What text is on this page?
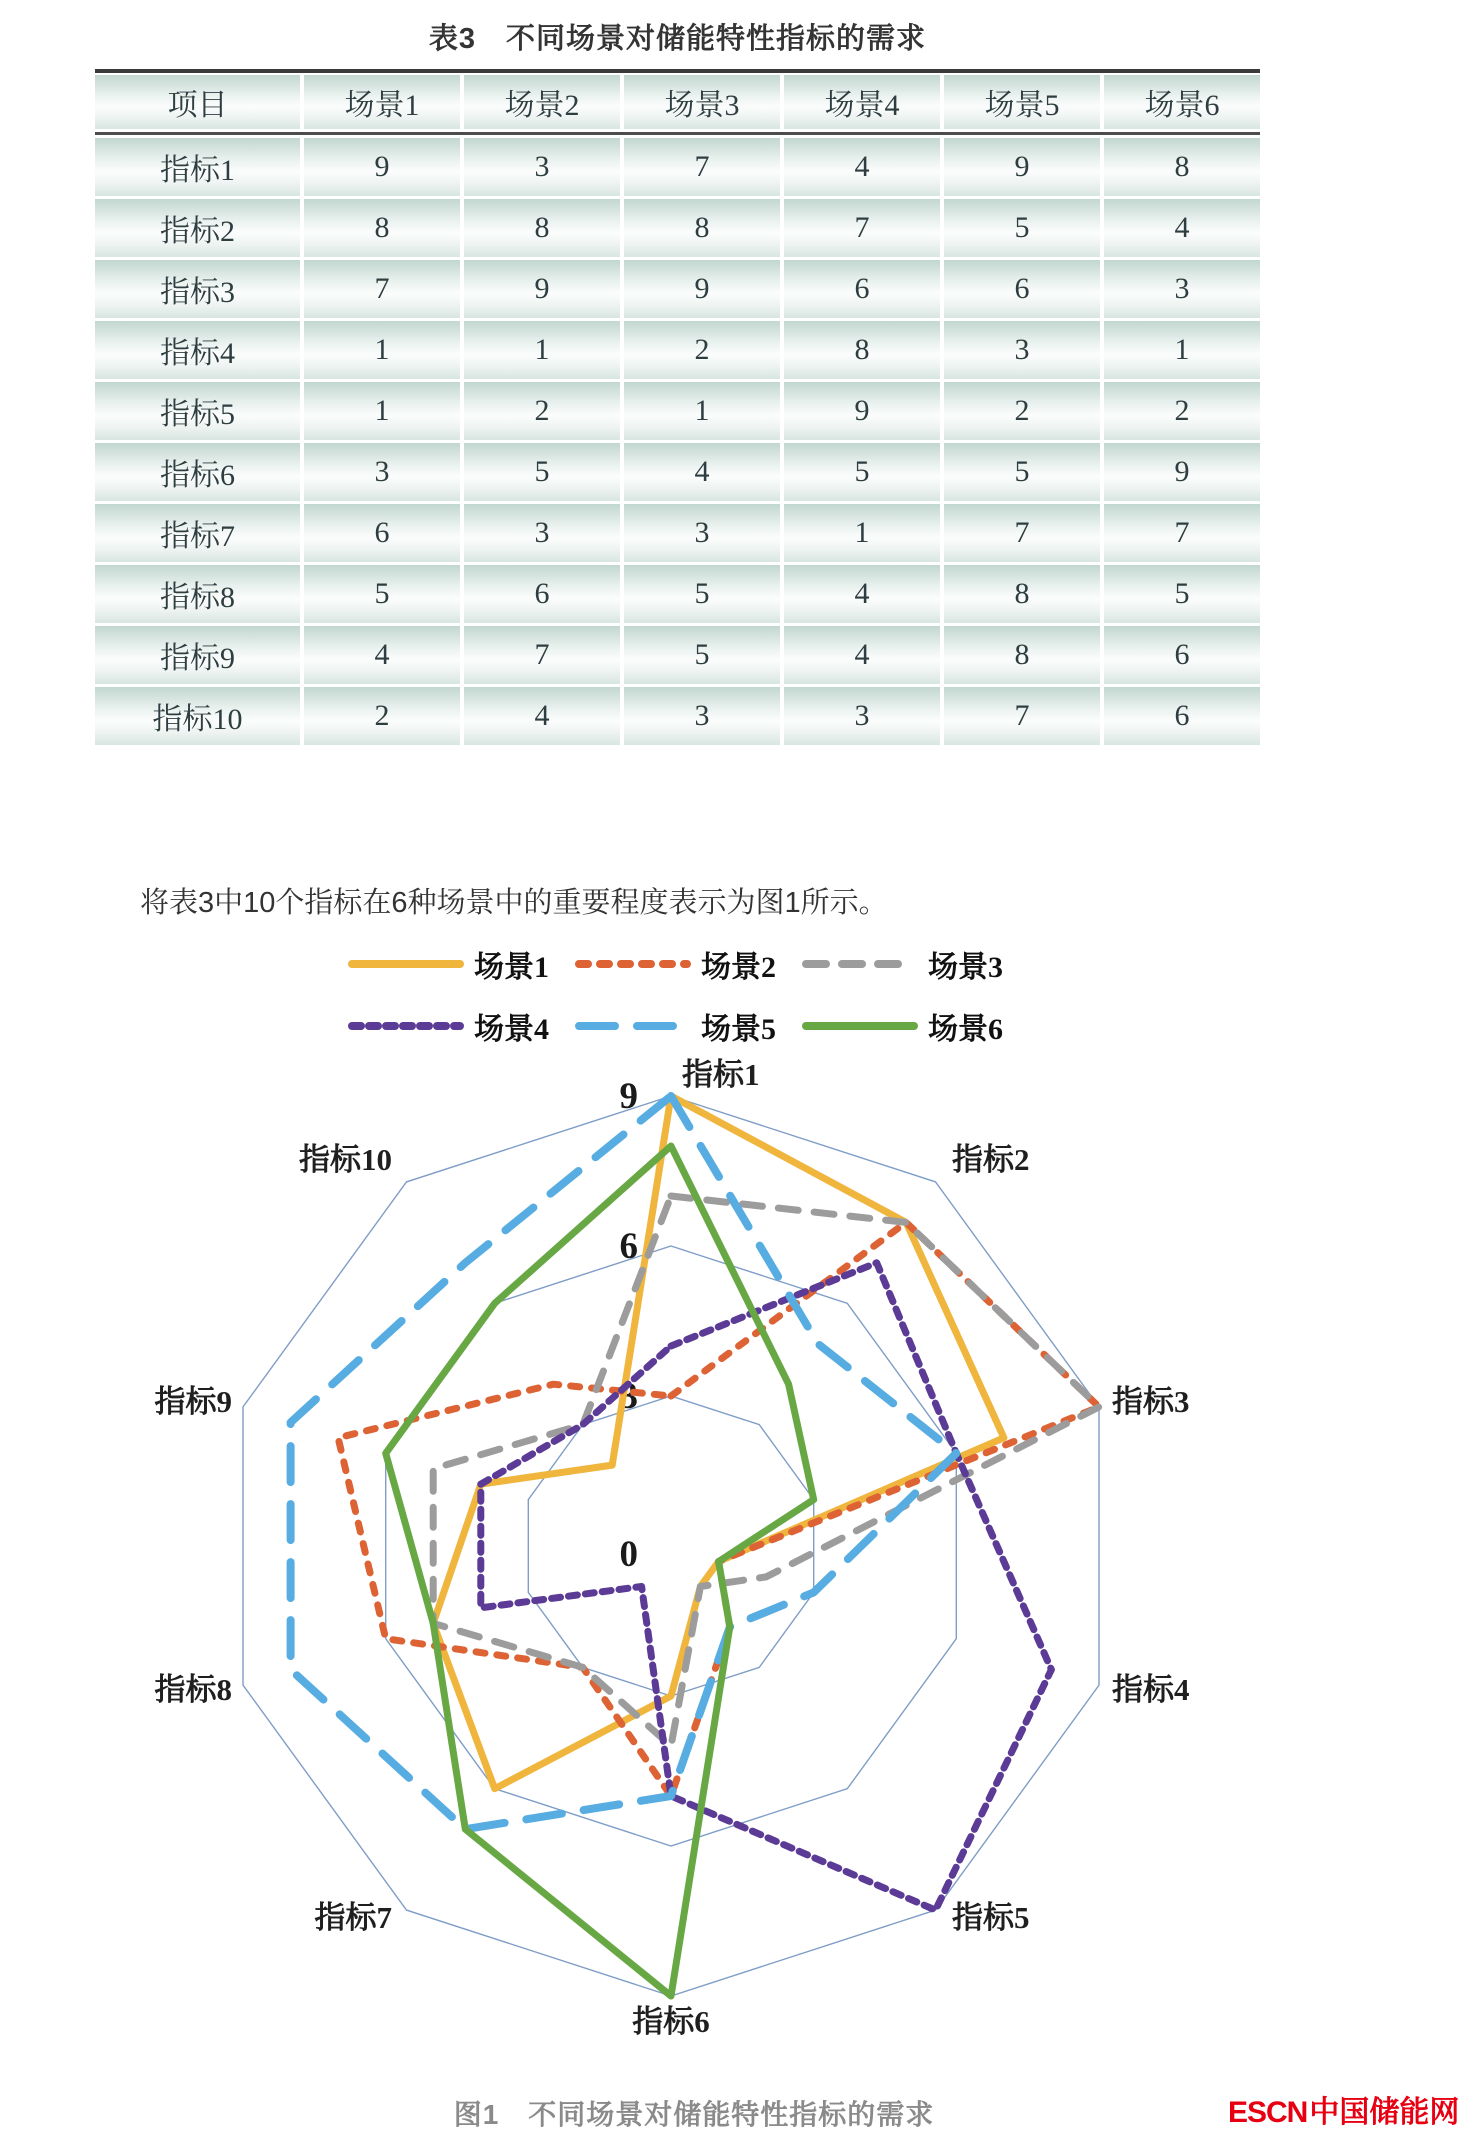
表3　不同场景对储能特性指标的需求
项目	场景1	场景2	场景3	场景4	场景5	场景6
指标1	9	3	7	4	9	8
指标2	8	8	8	7	5	4
指标3	7	9	9	6	6	3
指标4	1	1	2	8	3	1
指标5	1	2	1	9	2	2
指标6	3	5	4	5	5	9
指标7	6	3	3	1	7	7
指标8	5	6	5	4	8	5
指标9	4	7	5	4	8	6
指标10	2	4	3	3	7	6
将表3中10个指标在6种场景中的重要程度表示为图1所示。
场景1	场景2	场景3
场景4	场景5	场景6
9
6
3
0
指标1
指标2
指标3
指标4
指标5
指标6
指标7
指标8
指标9
指标10
图1　不同场景对储能特性指标的需求	ESCN 中国储能网
